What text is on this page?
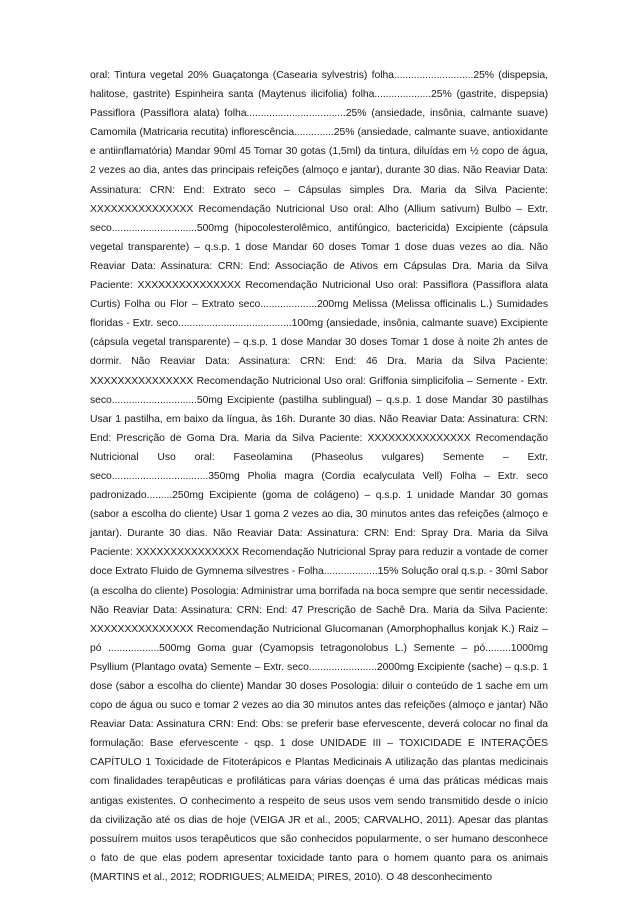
oral: Tintura vegetal 20% Guaçatonga (Casearia sylvestris) folha............................25% (dispepsia, halitose, gastrite) Espinheira santa (Maytenus ilicifolia) folha....................25% (gastrite, dispepsia) Passiflora (Passiflora alata) folha...................................25% (ansiedade, insônia, calmante suave) Camomila (Matricaria recutita) inflorescência..............25% (ansiedade, calmante suave, antioxidante e antiinflamatória) Mandar 90ml 45 Tomar 30 gotas (1,5ml) da tintura, diluídas em ½ copo de água, 2 vezes ao dia, antes das principais refeições (almoço e jantar), durante 30 dias. Não Reaviar Data: Assinatura: CRN: End: Extrato seco – Cápsulas simples Dra. Maria da Silva Paciente: XXXXXXXXXXXXXXX Recomendação Nutricional Uso oral: Alho (Allium sativum) Bulbo – Extr. seco..............................500mg (hipocolesterolêmico, antifúngico, bactericida) Excipiente (cápsula vegetal transparente) – q.s.p. 1 dose Mandar 60 doses Tomar 1 dose duas vezes ao dia. Não Reaviar Data: Assinatura: CRN: End: Associação de Ativos em Cápsulas Dra. Maria da Silva Paciente: XXXXXXXXXXXXXXX Recomendação Nutricional Uso oral: Passiflora (Passiflora alata Curtis) Folha ou Flor – Extrato seco....................200mg Melissa (Melissa officinalis L.) Sumidades floridas - Extr. seco........................................100mg (ansiedade, insônia, calmante suave) Excipiente (cápsula vegetal transparente) – q.s.p. 1 dose Mandar 30 doses Tomar 1 dose à noite 2h antes de dormir. Não Reaviar Data: Assinatura: CRN: End: 46 Dra. Maria da Silva Paciente: XXXXXXXXXXXXXXX Recomendação Nutricional Uso oral: Griffonia simplicifolia – Semente - Extr. seco..............................50mg Excipiente (pastilha sublingual) – q.s.p. 1 dose Mandar 30 pastilhas Usar 1 pastilha, em baixo da língua, às 16h. Durante 30 dias. Não Reaviar Data: Assinatura: CRN: End: Prescrição de Goma Dra. Maria da Silva Paciente: XXXXXXXXXXXXXXX Recomendação Nutricional Uso oral: Faseolamina (Phaseolus vulgares) Semente – Extr. seco..................................350mg Pholia magra (Cordia ecalyculata Vell) Folha – Extr. seco padronizado.........250mg Excipiente (goma de colágeno) – q.s.p. 1 unidade Mandar 30 gomas (sabor a escolha do cliente) Usar 1 goma 2 vezes ao dia, 30 minutos antes das refeições (almoço e jantar). Durante 30 dias. Não Reaviar Data: Assinatura: CRN: End: Spray Dra. Maria da Silva Paciente: XXXXXXXXXXXXXXX Recomendação Nutricional Spray para reduzir a vontade de comer doce Extrato Fluido de Gymnema silvestres - Folha...................15% Solução oral q.s.p. - 30ml Sabor (a escolha do cliente) Posologia: Administrar uma borrifada na boca sempre que sentir necessidade. Não Reaviar Data: Assinatura: CRN: End: 47 Prescrição de Sachê Dra. Maria da Silva Paciente: XXXXXXXXXXXXXXX Recomendação Nutricional Glucomanan (Amorphophallus konjak K.) Raiz – pó ..................500mg Goma guar (Cyamopsis tetragonolobus L.) Semente – pó.........1000mg Psyllium (Plantago ovata) Semente – Extr. seco........................2000mg Excipiente (sache) – q.s.p. 1 dose (sabor a escolha do cliente) Mandar 30 doses Posologia: diluir o conteúdo de 1 sache em um copo de água ou suco e tomar 2 vezes ao dia 30 minutos antes das refeições (almoço e jantar) Não Reaviar Data: Assinatura CRN: End: Obs: se preferir base efervescente, deverá colocar no final da formulação: Base efervescente - qsp. 1 dose UNIDADE III – TOXICIDADE E INTERAÇÕES CAPÍTULO 1 Toxicidade de Fitoterápicos e Plantas Medicinais A utilização das plantas medicinais com finalidades terapêuticas e profiláticas para várias doenças é uma das práticas médicas mais antigas existentes. O conhecimento a respeito de seus usos vem sendo transmitido desde o início da civilização até os dias de hoje (VEIGA JR et al., 2005; CARVALHO, 2011). Apesar das plantas possuírem muitos usos terapêuticos que são conhecidos popularmente, o ser humano desconhece o fato de que elas podem apresentar toxicidade tanto para o homem quanto para os animais (MARTINS et al., 2012; RODRIGUES; ALMEIDA; PIRES, 2010). O 48 desconhecimento
